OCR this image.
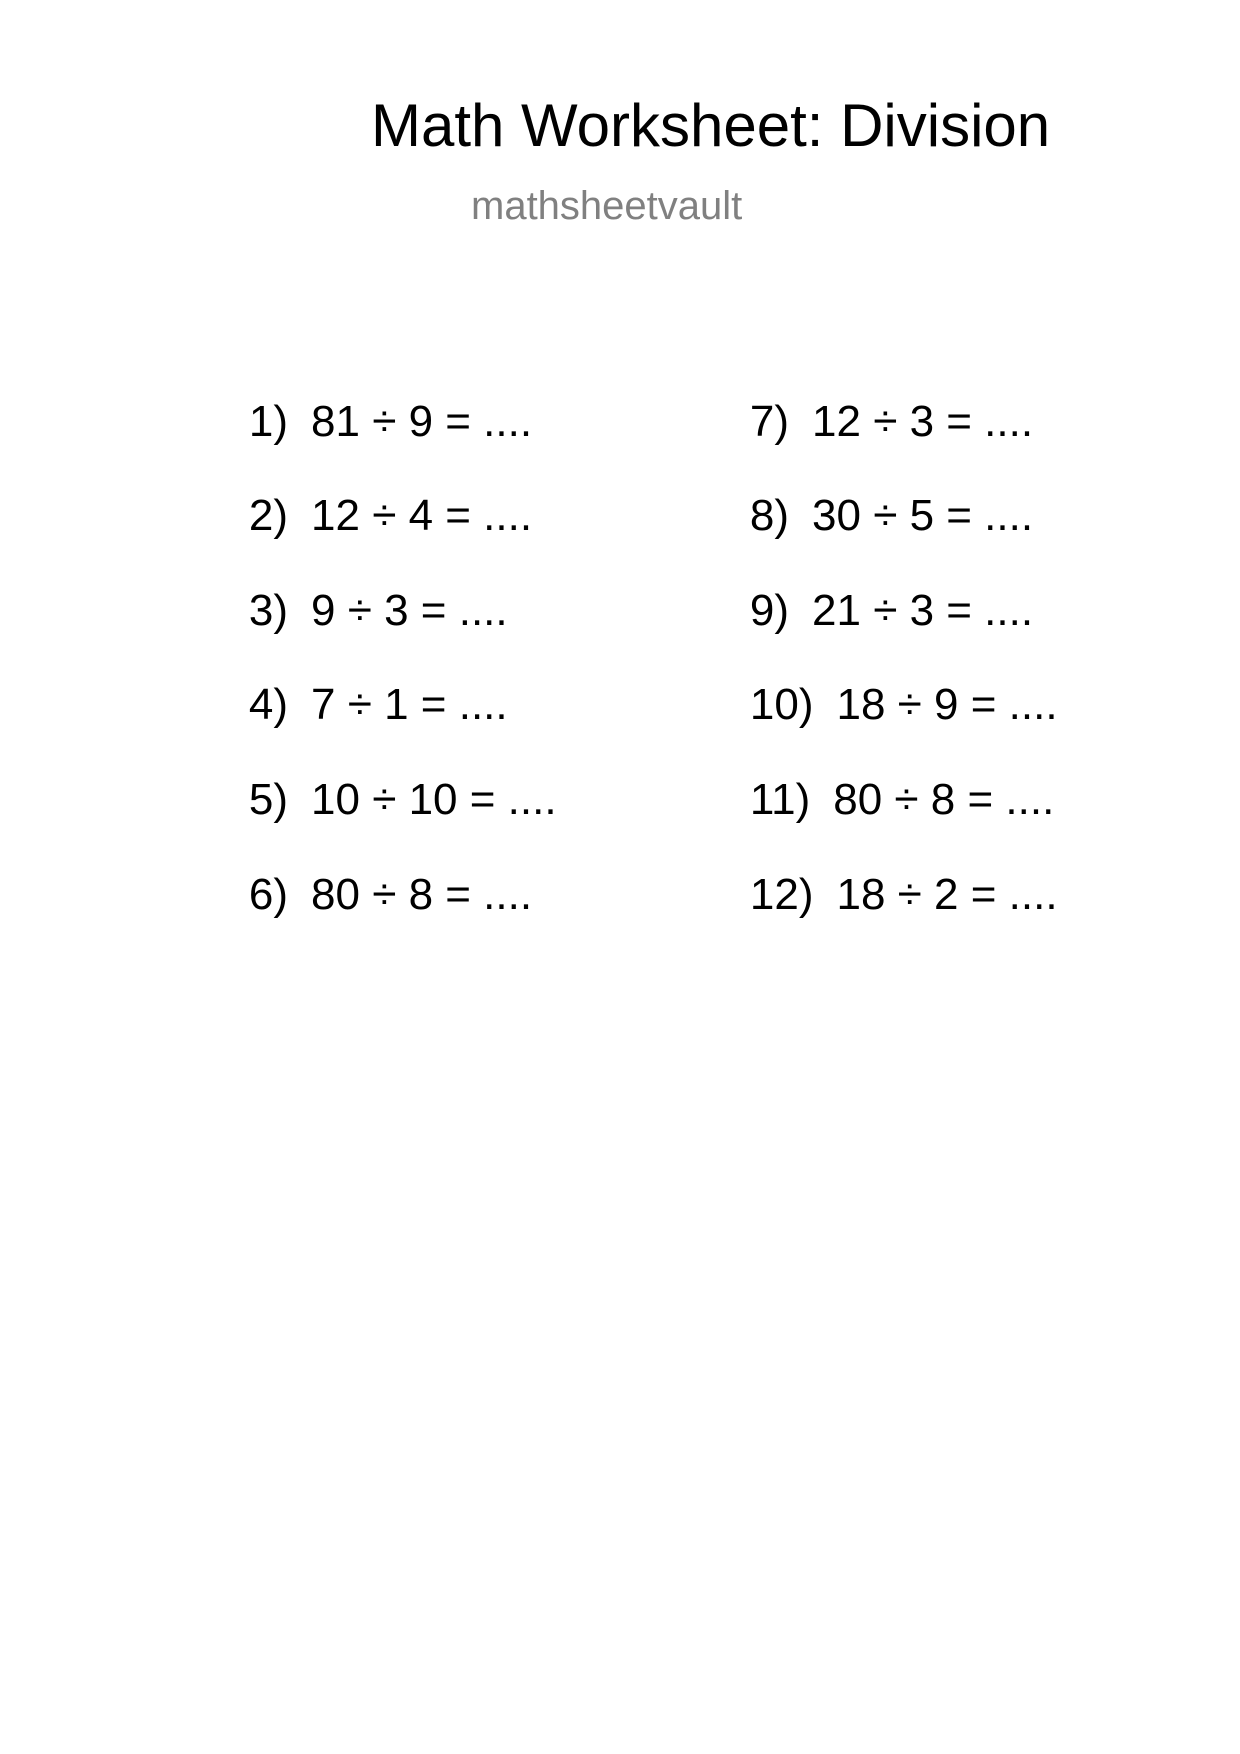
Math Worksheet: Division
mathsheetvault

1) 81 ÷ 9 = ....

2) 12 ÷ 4 = ....

3) 9 ÷ 3 = ....

4) 7 ÷ 1 = ....

5) 10 ÷ 10 = ....

6) 80 ÷ 8 = ....

7) 12 ÷ 3 = ....

8) 30 ÷ 5 = ....

9) 21 ÷ 3 = ....

10) 18 ÷ 9 = ....

11) 80 ÷ 8 = ....

12) 18 ÷ 2 = ....
